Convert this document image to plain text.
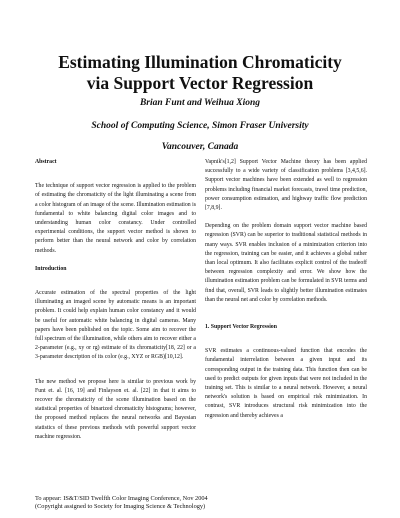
Estimating Illumination Chromaticity
via Support Vector Regression
Brian Funt and Weihua Xiong
School of Computing Science, Simon Fraser University
Vancouver, Canada
Abstract

The technique of support vector regression is applied to the problem of estimating the chromaticity of the light illuminating a scene from a color histogram of an image of the scene. Illumination estimation is fundamental to white balancing digital color images and to understanding human color constancy. Under controlled experimental conditions, the support vector method is shown to perform better than the neural network and color by correlation methods.

Introduction

Accurate estimation of the spectral properties of the light illuminating an imaged scene by automatic means is an important problem. It could help explain human color constancy and it would be useful for automatic white balancing in digital cameras. Many papers have been published on the topic. Some aim to recover the full spectrum of the illumination, while others aim to recover either a 2-parameter (e.g., xy or rg) estimate of its chromaticity[18, 22] or a 3-parameter description of its color (e.g., XYZ or RGB)[10,12].

The new method we propose here is similar to previous work by Funt et. al. [16, 19] and Finlayson et. al. [22] in that it aims to recover the chromaticity of the scene illumination based on the statistical properties of binarized chromaticity histograms; however, the proposed method replaces the neural networks and Bayesian statistics of these previous methods with powerful support vector machine regression.

Vapnik's[1,2] Support Vector Machine theory has been applied successfully to a wide variety of classification problems [3,4,5,6]. Support vector machines have been extended as well to regression problems including financial market forecasts, travel time prediction, power consumption estimation, and highway traffic flow prediction [7,8,9].

Depending on the problem domain support vector machine based regression (SVR) can be superior to traditional statistical methods in many ways. SVR enables inclusion of a minimization criterion into the regression, training can be easier, and it achieves a global rather than local optimum. It also facilitates explicit control of the tradeoff between regression complexity and error. We show how the illumination estimation problem can be formulated in SVR terms and find that, overall, SVR leads to slightly better illumination estimates than the neural net and color by correlation methods.

1. Support Vector Regression

SVR estimates a continuous-valued function that encodes the fundamental interrelation between a given input and its corresponding output in the training data. This function then can be used to predict outputs for given inputs that were not included in the training set. This is similar to a neural network. However, a neural network's solution is based on empirical risk minimization. In contrast, SVR introduces structural risk minimization into the regression and thereby achieves a

To appear: IS&T/SID Twelfth Color Imaging Conference, Nov 2004
(Copyright assigned to Society for Imaging Science & Technology)
